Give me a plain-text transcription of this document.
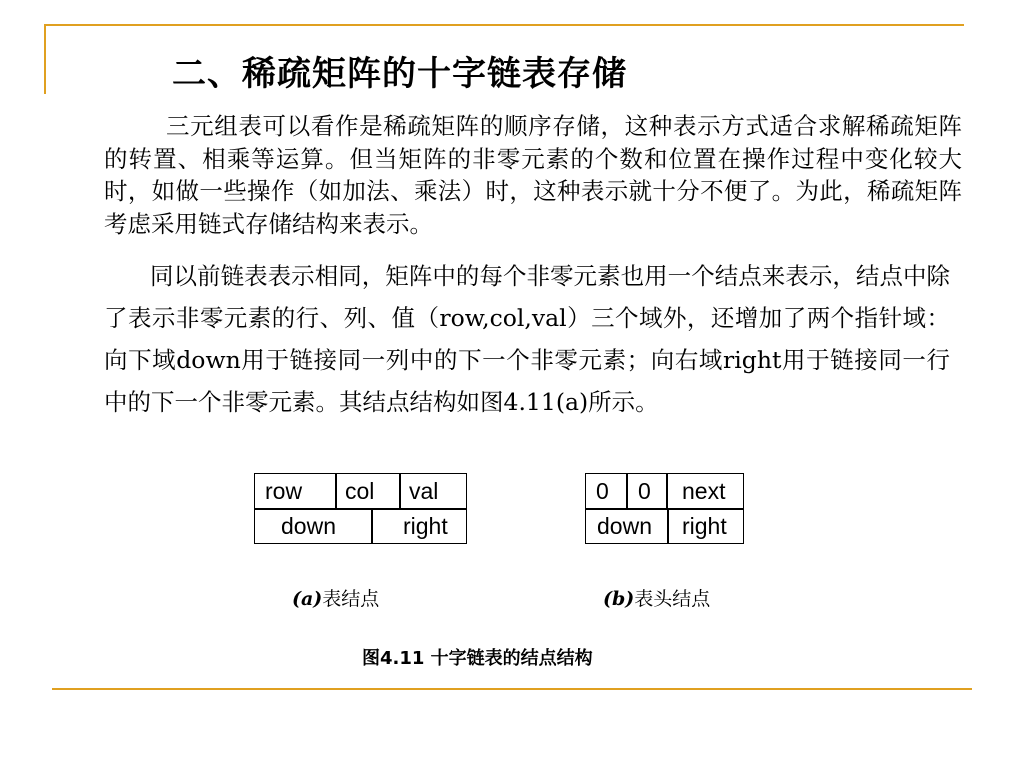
二、稀疏矩阵的十字链表存储
三元组表可以看作是稀疏矩阵的顺序存储，这种表示方式适合求解稀疏矩阵的转置、相乘等运算。但当矩阵的非零元素的个数和位置在操作过程中变化较大时，如做一些操作（如加法、乘法）时，这种表示就十分不便了。为此，稀疏矩阵考虑采用链式存储结构来表示。
同以前链表表示相同，矩阵中的每个非零元素也用一个结点来表示，结点中除了表示非零元素的行、列、值（row,col,val）三个域外，还增加了两个指针域：向下域down用于链接同一列中的下一个非零元素；向右域right用于链接同一行中的下一个非零元素。其结点结构如图4.11(a)所示。
row	col	val
down	right
0	0	next
down	right
(a)表结点	(b)表头结点
图4.11 十字链表的结点结构
